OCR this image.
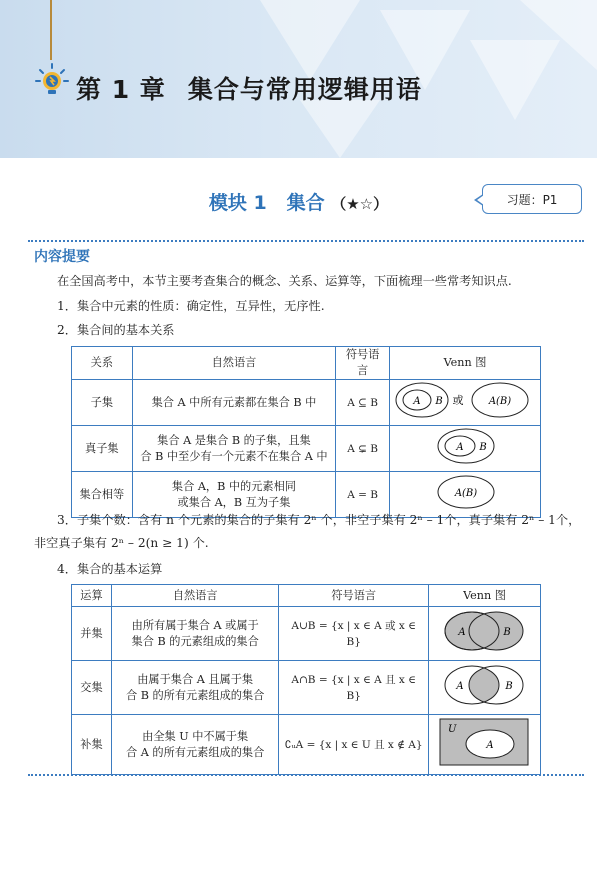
第 1 章 集合与常用逻辑用语
模块 1 集合 （★☆）	习题：P1
内容提要
在全国高考中，本节主要考查集合的概念、关系、运算等，下面梳理一些常考知识点.
1．集合中元素的性质：确定性，互异性，无序性.
2．集合间的基本关系
关系	自然语言	符号语言	Venn 图
子集	集合 A 中所有元素都在集合 B 中	A ⊆ B	A B 或 A(B)

真子集	集合 A 是集合 B 的子集，且集
合 B 中至少有一个元素不在集合 A 中	A ⊊ B	A B

集合相等	集合 A，B 中的元素相同
或集合 A，B 互为子集	A = B	A(B)
3．子集个数：含有 n 个元素的集合的子集有 2ⁿ 个，非空子集有 2ⁿ – 1个，真子集有 2ⁿ – 1个，
非空真子集有 2ⁿ – 2(n ≥ 1) 个.
4．集合的基本运算
运算	自然语言	符号语言	Venn 图
并集	由所有属于集合 A 或属于
集合 B 的元素组成的集合	A∪B = {x | x ∈ A 或 x ∈ B}	A B

交集	由属于集合 A 且属于集
合 B 的所有元素组成的集合	A∩B = {x | x ∈ A 且 x ∈ B}	A B

补集	由全集 U 中不属于集
合 A 的所有元素组成的集合	∁ᵤA = {x | x ∈ U 且 x ∉ A}	U
A
